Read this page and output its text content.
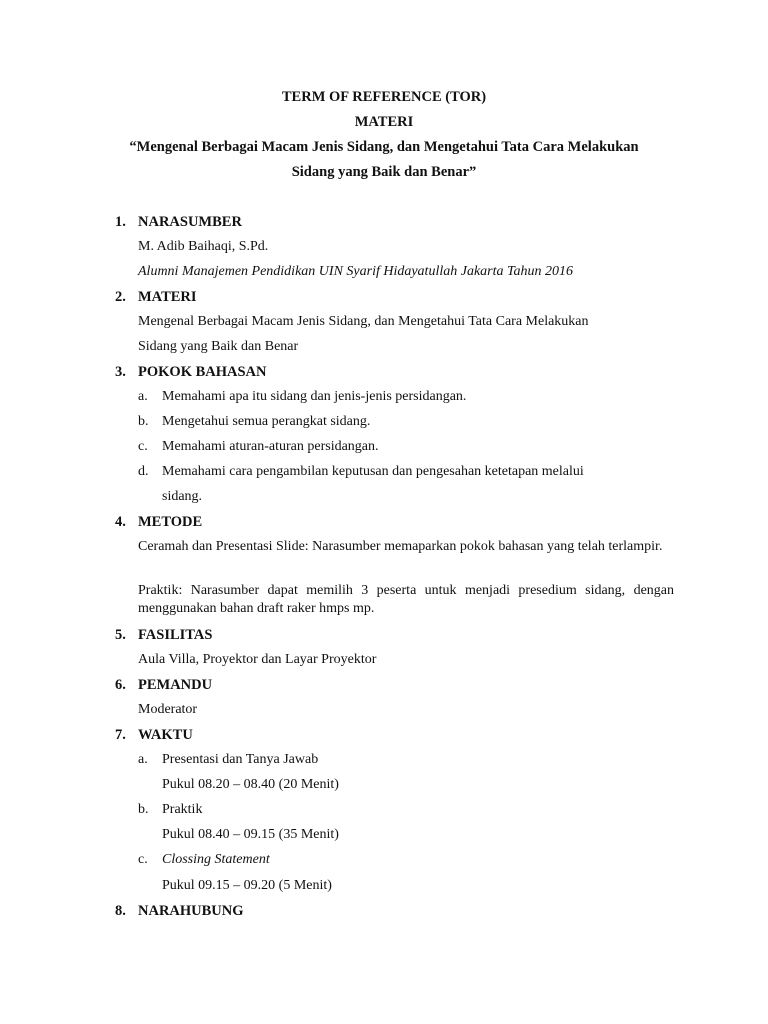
TERM OF REFERENCE (TOR)
MATERI
“Mengenal Berbagai Macam Jenis Sidang, dan Mengetahui Tata Cara Melakukan
Sidang yang Baik dan Benar”
1. NARASUMBER
M. Adib Baihaqi, S.Pd.
Alumni Manajemen Pendidikan UIN Syarif Hidayatullah Jakarta Tahun 2016
2. MATERI
Mengenal Berbagai Macam Jenis Sidang, dan Mengetahui Tata Cara Melakukan
Sidang yang Baik dan Benar
3. POKOK BAHASAN
a. Memahami apa itu sidang dan jenis-jenis persidangan.
b. Mengetahui semua perangkat sidang.
c. Memahami aturan-aturan persidangan.
d. Memahami cara pengambilan keputusan dan pengesahan ketetapan melalui
sidang.
4. METODE
Ceramah dan Presentasi Slide: Narasumber memaparkan pokok bahasan yang telah terlampir.
Praktik: Narasumber dapat memilih 3 peserta untuk menjadi presedium sidang, dengan menggunakan bahan draft raker hmps mp.
5. FASILITAS
Aula Villa, Proyektor dan Layar Proyektor
6. PEMANDU
Moderator
7. WAKTU
a. Presentasi dan Tanya Jawab
Pukul 08.20 – 08.40 (20 Menit)
b. Praktik
Pukul 08.40 – 09.15 (35 Menit)
c. Clossing Statement
Pukul 09.15 – 09.20 (5 Menit)
8. NARAHUBUNG
